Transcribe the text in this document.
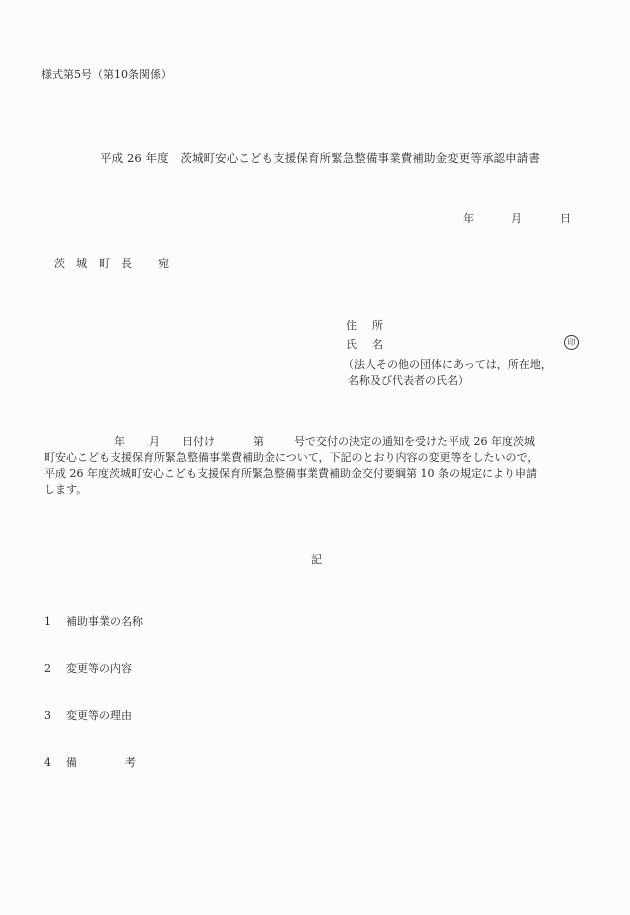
様式第5号（第10条関係）
平成 26 年度　茨城町安心こども支援保育所緊急整備事業費補助金変更等承認申請書
年	月	日
茨 城 町 長 宛
住 所
氏 名	印
（法人その他の団体にあっては，所在地，
名称及び代表者の氏名）
年 月 日付け	第	号で交付の決定の通知を受けた平成 26 年度茨城
町安心こども支援保育所緊急整備事業費補助金について，下記のとおり内容の変更等をしたいので，
平成 26 年度茨城町安心こども支援保育所緊急整備事業費補助金交付要綱第 10 条の規定により申請
します。
記
1 補助事業の名称
2 変更等の内容
3 変更等の理由
4 備	考
